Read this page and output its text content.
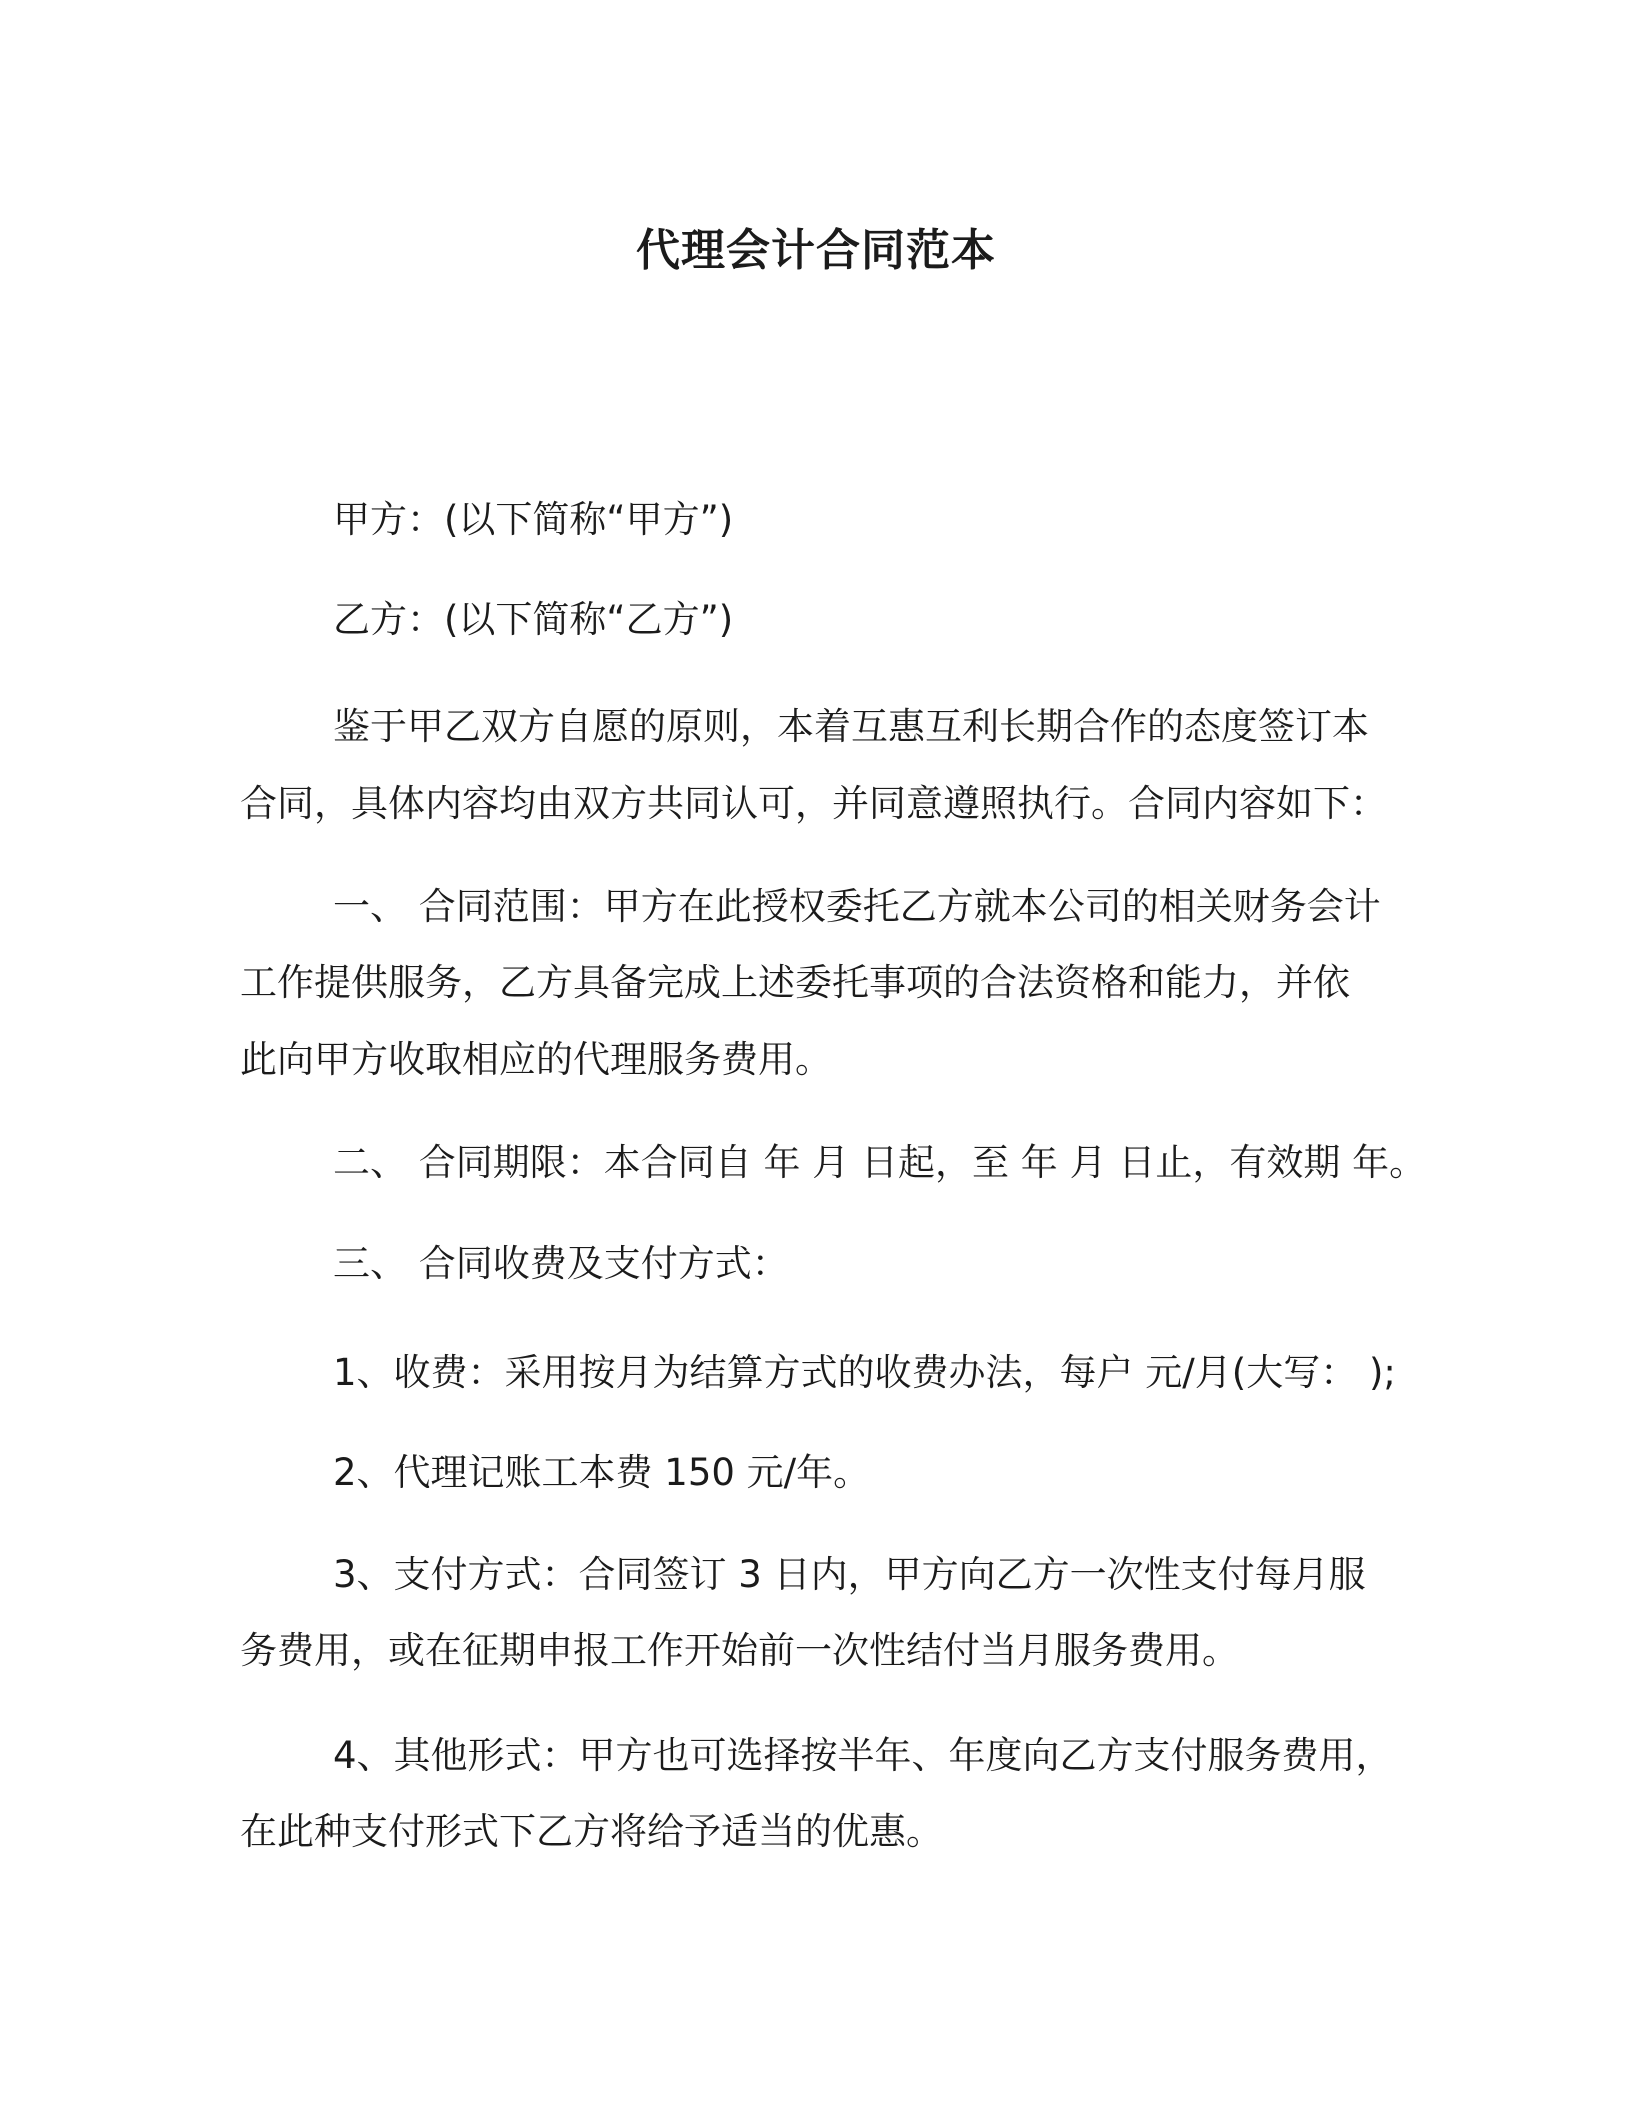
代理会计合同范本
甲方：(以下简称“甲方”)
乙方：(以下简称“乙方”)
鉴于甲乙双方自愿的原则，本着互惠互利长期合作的态度签订本
合同，具体内容均由双方共同认可，并同意遵照执行。合同内容如下：
一、 合同范围：甲方在此授权委托乙方就本公司的相关财务会计
工作提供服务，乙方具备完成上述委托事项的合法资格和能力，并依
此向甲方收取相应的代理服务费用。
二、 合同期限：本合同自 年 月 日起，至 年 月 日止，有效期 年。
三、 合同收费及支付方式：
1、收费：采用按月为结算方式的收费办法，每户 元/月(大写： );
2、代理记账工本费 150 元/年。
3、支付方式：合同签订 3 日内，甲方向乙方一次性支付每月服
务费用，或在征期申报工作开始前一次性结付当月服务费用。
4、其他形式：甲方也可选择按半年、年度向乙方支付服务费用，
在此种支付形式下乙方将给予适当的优惠。
